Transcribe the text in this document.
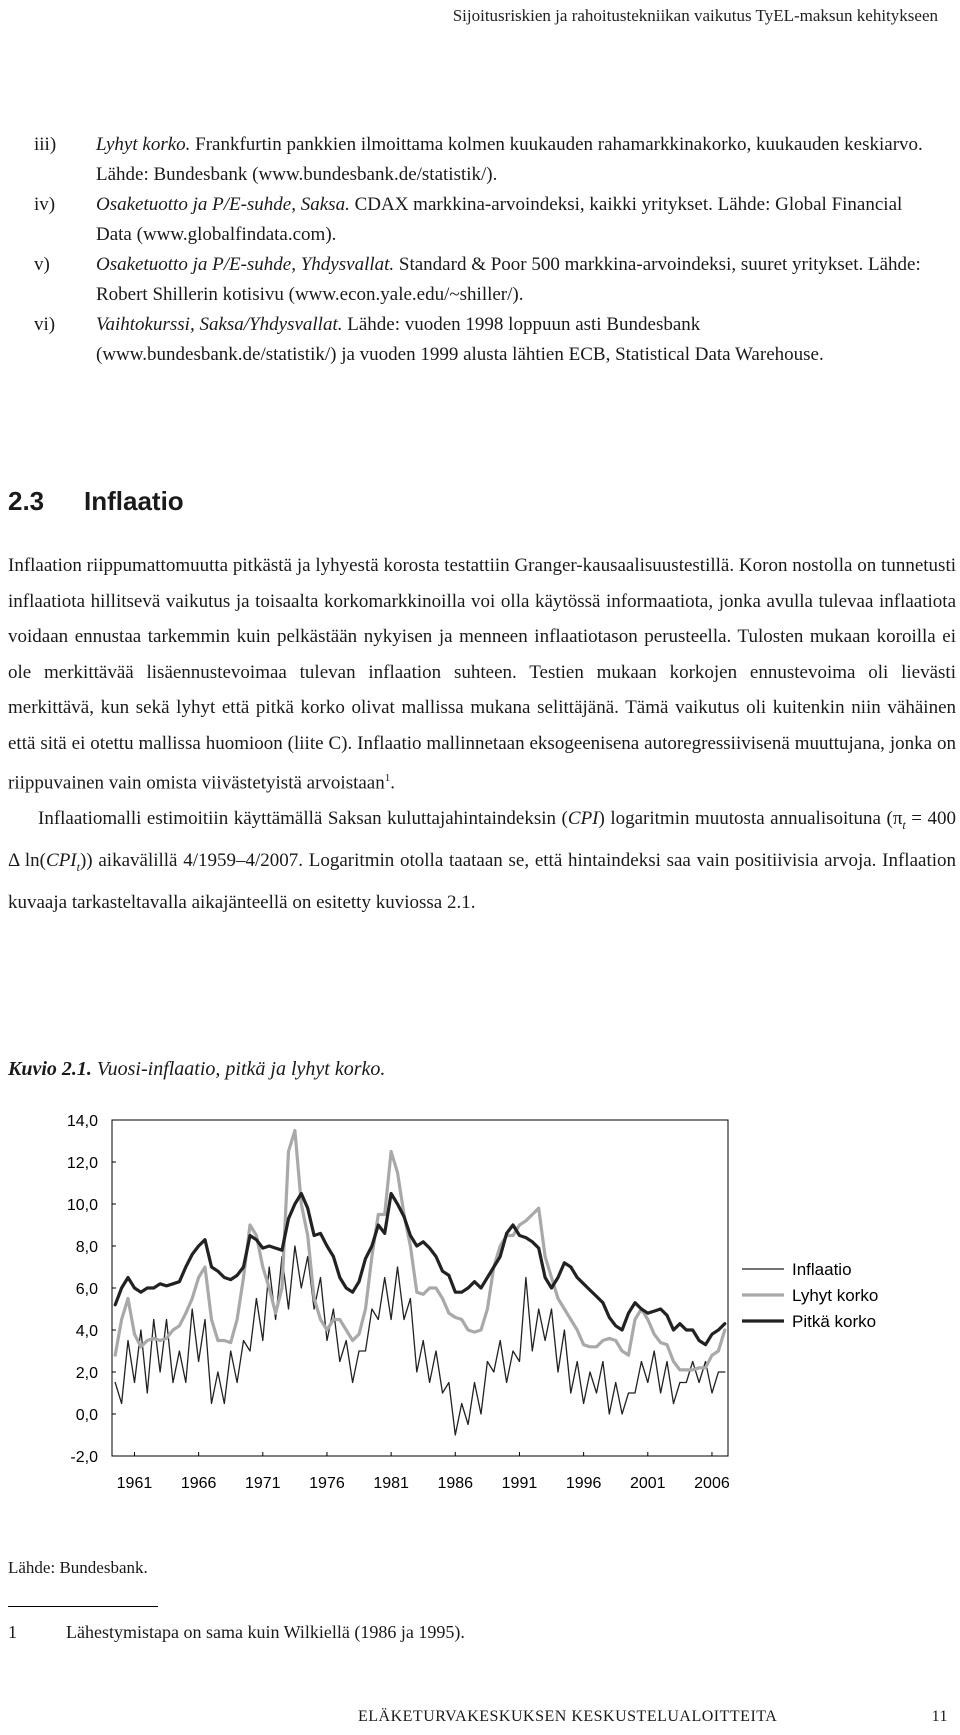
Sijoitusriskien ja rahoitustekniikan vaikutus TyEL-maksun kehitykseen
iii)	Lyhyt korko. Frankfurtin pankkien ilmoittama kolmen kuukauden rahamarkkinakorko, kuukauden keskiarvo. Lähde: Bundesbank (www.bundesbank.de/statistik/).
iv)	Osaketuotto ja P/E-suhde, Saksa. CDAX markkina-arvoindeksi, kaikki yritykset. Lähde: Global Financial Data (www.globalfindata.com).
v)	Osaketuotto ja P/E-suhde, Yhdysvallat. Standard & Poor 500 markkina-arvoindeksi, suuret yritykset. Lähde: Robert Shillerin kotisivu (www.econ.yale.edu/~shiller/).
vi)	Vaihtokurssi, Saksa/Yhdysvallat. Lähde: vuoden 1998 loppuun asti Bundesbank (www.bundesbank.de/statistik/) ja vuoden 1999 alusta lähtien ECB, Statistical Data Warehouse.
2.3 Inflaatio

Inflaation riippumattomuutta pitkästä ja lyhyestä korosta testattiin Granger-kausaalisuustestillä. Koron nostolla on tunnetusti inflaatiota hillitsevä vaikutus ja toisaalta korkomarkkinoilla voi olla käytössä informaatiota, jonka avulla tulevaa inflaatiota voidaan ennustaa tarkemmin kuin pelkästään nykyisen ja menneen inflaatiotason perusteella. Tulosten mukaan koroilla ei ole merkittävää lisäennustevoimaa tulevan inflaation suhteen. Testien mukaan korkojen ennustevoima oli lievästi merkittävä, kun sekä lyhyt että pitkä korko olivat mallissa mukana selittäjänä. Tämä vaikutus oli kuitenkin niin vähäinen että sitä ei otettu mallissa huomioon (liite C). Inflaatio mallinnetaan eksogeenisena autoregressiivisenä muuttujana, jonka on riippuvainen vain omista viivästetyistä arvoistaan$^1$.

Inflaatiomalli estimoitiin käyttämällä Saksan kuluttajahintaindeksin (CPI) logaritmin muutosta annualisoituna ($\pi_t = 400$ Δ $\ln(CPI_t)$) aikavälillä 4/1959–4/2007. Logaritmin otolla taataan se, että hintaindeksi saa vain positiivisia arvoja. Inflaation kuvaaja tarkasteltavalla aikajänteellä on esitetty kuviossa 2.1.

Kuvio 2.1. Vuosi-inflaatio, pitkä ja lyhyt korko.
14,0
12,0
10,0
8,0
6,0
4,0
2,0
0,0
-2,0
1961 1966 1971 1976 1981 1986 1991 1996 2001 2006
Inflaatio
Lyhyt korko
Pitkä korko
Lähde: Bundesbank.
1	Lähestymistapa on sama kuin Wilkiellä (1986 ja 1995).
ELÄKETURVAKESKUKSEN KESKUSTELUALOITTEITA	11
